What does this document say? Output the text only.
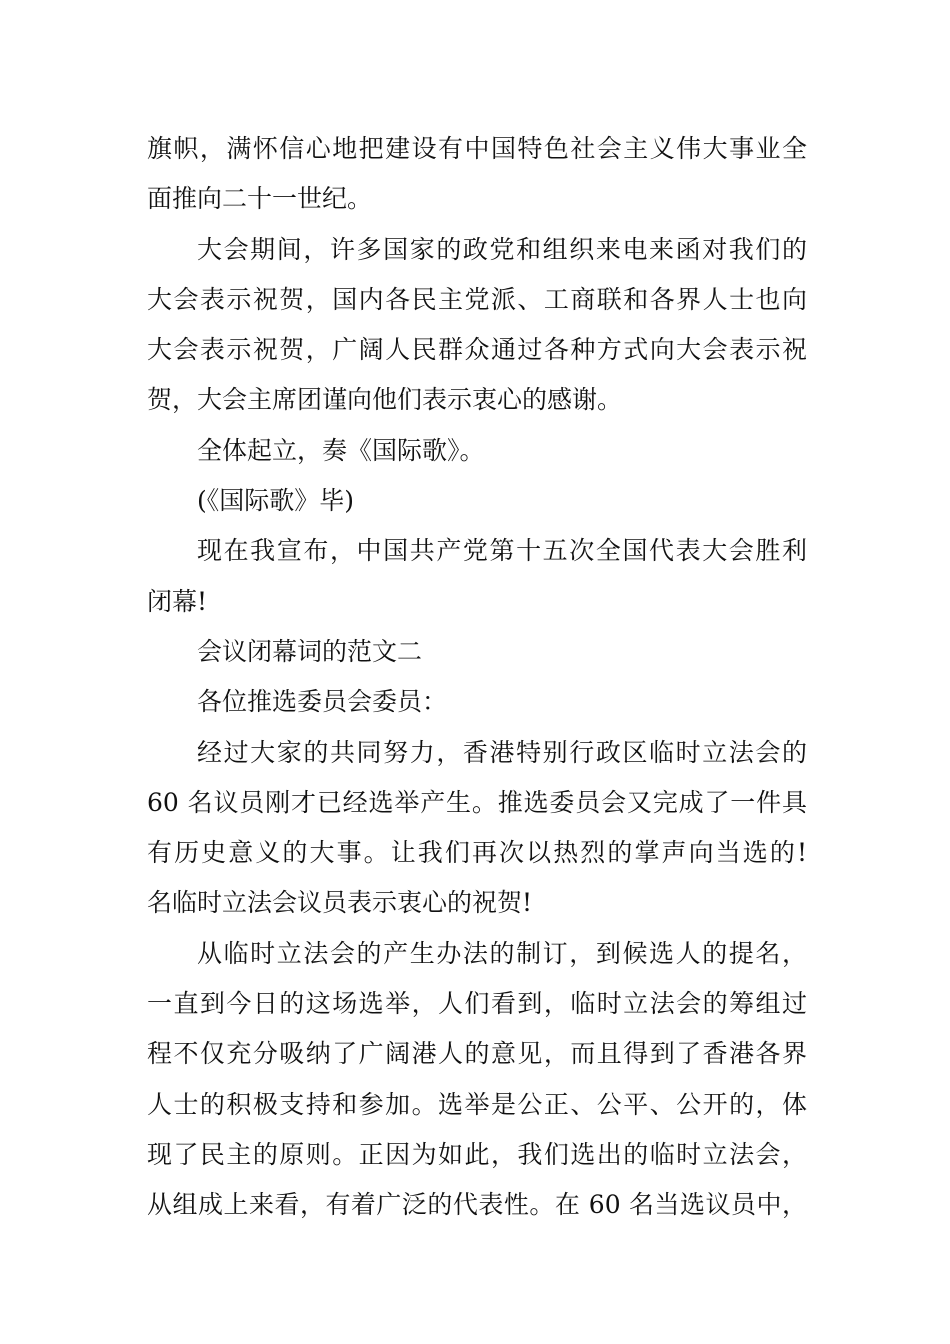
旗帜，满怀信心地把建设有中国特色社会主义伟大事业全
面推向二十一世纪。
大会期间，许多国家的政党和组织来电来函对我们的
大会表示祝贺，国内各民主党派、工商联和各界人士也向
大会表示祝贺，广阔人民群众通过各种方式向大会表示祝
贺，大会主席团谨向他们表示衷心的感谢。
全体起立，奏《国际歌》。
(《国际歌》毕)
现在我宣布，中国共产党第十五次全国代表大会胜利
闭幕!
会议闭幕词的范文二
各位推选委员会委员：
经过大家的共同努力，香港特别行政区临时立法会的
60 名议员刚才已经选举产生。推选委员会又完成了一件具
有历史意义的大事。让我们再次以热烈的掌声向当选的!
名临时立法会议员表示衷心的祝贺!
从临时立法会的产生办法的制订，到候选人的提名，
一直到今日的这场选举，人们看到，临时立法会的筹组过
程不仅充分吸纳了广阔港人的意见，而且得到了香港各界
人士的积极支持和参加。选举是公正、公平、公开的，体
现了民主的原则。正因为如此，我们选出的临时立法会，
从组成上来看，有着广泛的代表性。在 60 名当选议员中，
